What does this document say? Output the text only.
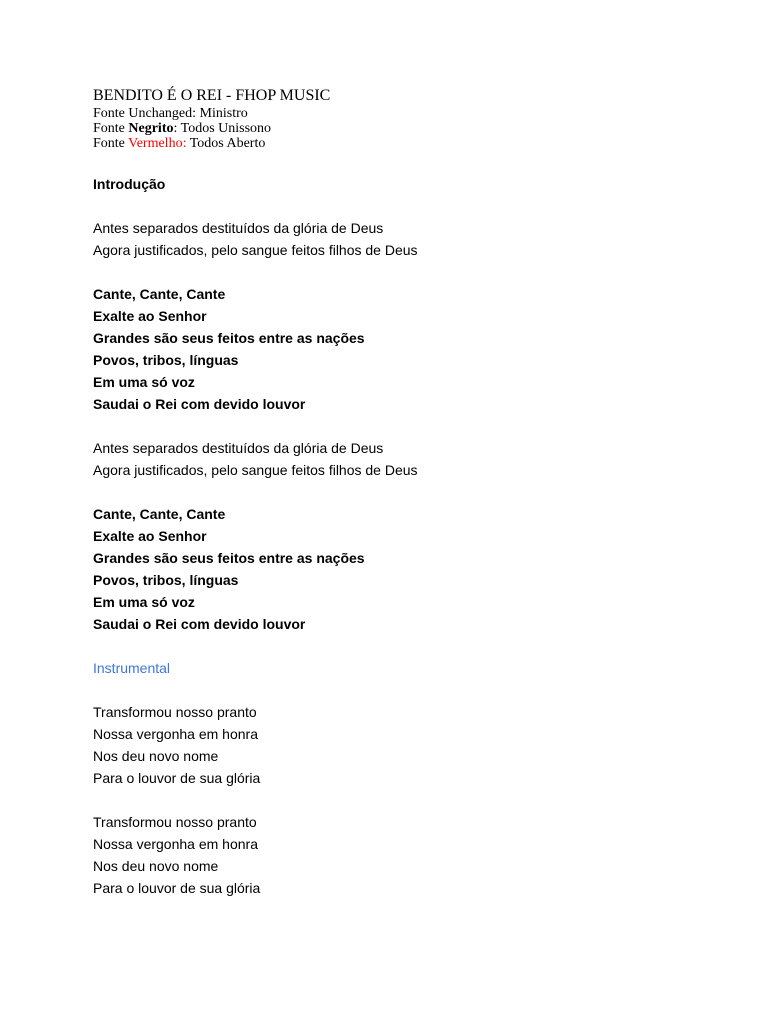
BENDITO É O REI - FHOP MUSIC

Fonte Unchanged: Ministro

Fonte Negrito: Todos Unissono

Fonte Vermelho: Todos Aberto

Introdução
Antes separados destituídos da glória de Deus
Agora justificados, pelo sangue feitos filhos de Deus
Cante, Cante, Cante
Exalte ao Senhor
Grandes são seus feitos entre as nações
Povos, tribos, línguas
Em uma só voz
Saudai o Rei com devido louvor
Antes separados destituídos da glória de Deus
Agora justificados, pelo sangue feitos filhos de Deus
Cante, Cante, Cante
Exalte ao Senhor
Grandes são seus feitos entre as nações
Povos, tribos, línguas
Em uma só voz
Saudai o Rei com devido louvor
Instrumental
Transformou nosso pranto
Nossa vergonha em honra
Nos deu novo nome
Para o louvor de sua glória
Transformou nosso pranto
Nossa vergonha em honra
Nos deu novo nome
Para o louvor de sua glória
